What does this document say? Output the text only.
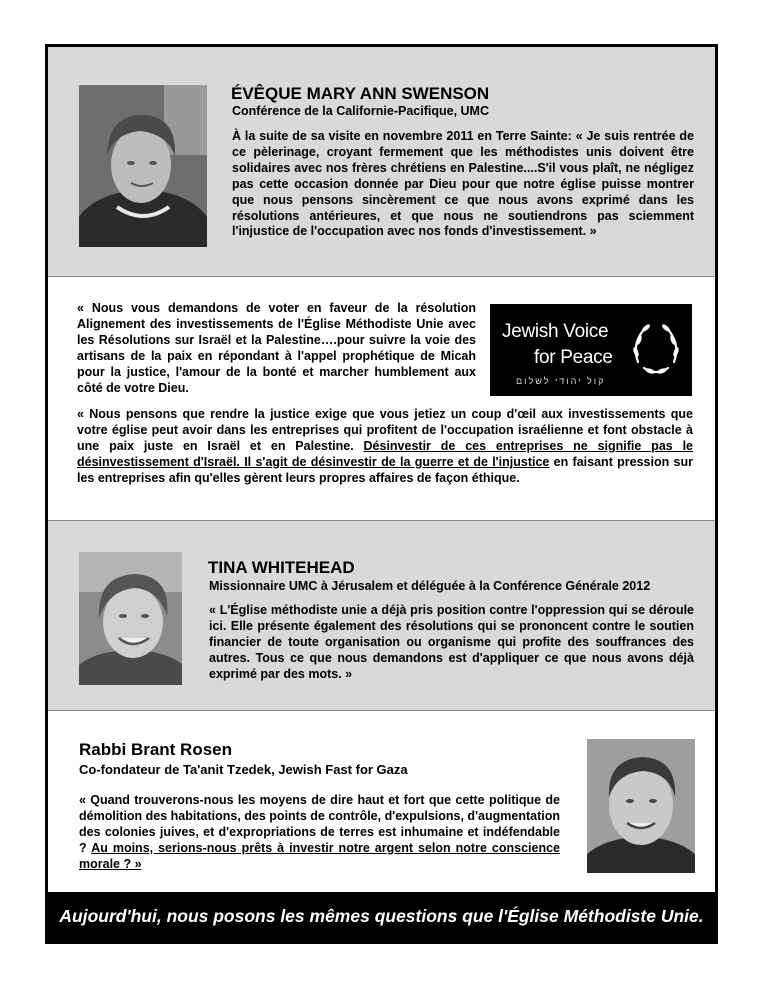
ÉVÊQUE MARY ANN SWENSON
Conférence de la Californie-Pacifique, UMC
À la suite de sa visite en novembre 2011 en Terre Sainte: « Je suis rentrée de ce pèlerinage, croyant fermement que les méthodistes unis doivent être solidaires avec nos frères chrétiens en Palestine....S'il vous plaît, ne négligez pas cette occasion donnée par Dieu pour que notre église puisse montrer que nous pensons sincèrement ce que nous avons exprimé dans les résolutions antérieures, et que nous ne soutiendrons pas sciemment l'injustice de l'occupation avec nos fonds d'investissement. »
« Nous vous demandons de voter en faveur de la résolution Alignement des investissements de l'Église Méthodiste Unie avec les Résolutions sur Israël et la Palestine….pour suivre la voie des artisans de la paix en répondant à l'appel prophétique de Micah pour la justice, l'amour de la bonté et marcher humblement aux côté de votre Dieu.
Jewish Voice
for Peace
קול יהודי לשלום
« Nous pensons que rendre la justice exige que vous jetiez un coup d'œil aux investissements que votre église peut avoir dans les entreprises qui profitent de l'occupation israélienne et font obstacle à une paix juste en Israël et en Palestine. Désinvestir de ces entreprises ne signifie pas le désinvestissement d'Israël. Il s'agit de désinvestir de la guerre et de l'injustice en faisant pression sur les entreprises afin qu'elles gèrent leurs propres affaires de façon éthique.
TINA WHITEHEAD
Missionnaire UMC à Jérusalem et déléguée à la Conférence Générale 2012
« L'Église méthodiste unie a déjà pris position contre l'oppression qui se déroule ici. Elle présente également des résolutions qui se prononcent contre le soutien financier de toute organisation ou organisme qui profite des souffrances des autres. Tous ce que nous demandons est d'appliquer ce que nous avons déjà exprimé par des mots. »
Rabbi Brant Rosen
Co-fondateur de Ta'anit Tzedek, Jewish Fast for Gaza
« Quand trouverons-nous les moyens de dire haut et fort que cette politique de démolition des habitations, des points de contrôle, d'expulsions, d'augmentation des colonies juives, et d'expropriations de terres est inhumaine et indéfendable ? Au moins, serions-nous prêts à investir notre argent selon notre conscience morale ? »
Aujourd'hui, nous posons les mêmes questions que l'Église Méthodiste Unie.
